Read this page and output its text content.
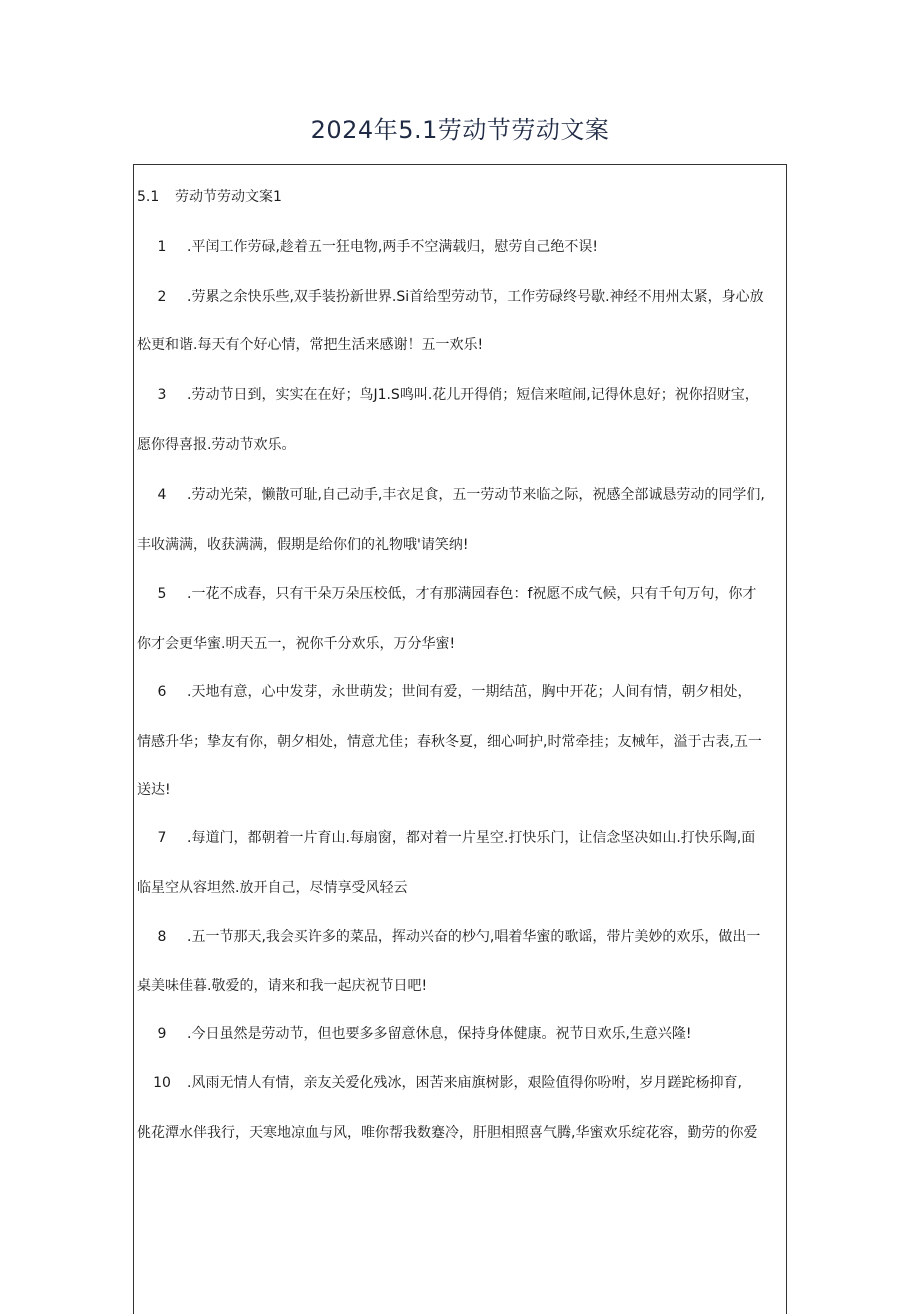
2024年5.1劳动节劳动文案
5.1 劳动节劳动文案1
1 .平闰工作劳碌,趁着五一狂电物,两手不空满载归，慰劳自己绝不误!
2 .劳累之余快乐些,双手装扮新世界.Si首给型劳动节，工作劳碌终号歇.神经不用州太紧，身心放
松更和谐.每天有个好心情，常把生活来感谢！五一欢乐!
3 .劳动节日到，实实在在好；鸟J1.S鸣叫.花儿开得俏；短信来喧闹,记得休息好；祝你招财宝，
愿你得喜报.劳动节欢乐。
4 .劳动光荣，懒散可耻,自己动手,丰衣足食，五一劳动节来临之际，祝感全部诚恳劳动的同学们,
丰收满满，收获满满，假期是给你们的礼物哦'请笑纳!
5 .一花不成春，只有干朵万朵压校低，才有那满园春色：f祝愿不成气候，只有千句万句，你才
你才会更华蜜.明天五一，祝你千分欢乐，万分华蜜!
6 .天地有意，心中发芽，永世萌发；世间有爱，一期结茁，胸中开花；人间有情，朝夕相处，
情感升华；挚友有你，朝夕相处，情意尤佳；春秋冬夏，细心呵护,时常牵挂；友械年，溢于古表,五一
送达!
7 .每道门，都朝着一片育山.每扇窗，都对着一片星空.打快乐门，让信念坚决如山.打快乐陶,面
临星空从容坦然.放开自己，尽情享受风轻云
8 .五一节那天,我会买许多的菜品，挥动兴奋的杪勺,唱着华蜜的歌谣，带片美妙的欢乐，做出一
桌美味佳暮.敬爱的，请来和我一起庆祝节日吧!
9 .今日虽然是劳动节，但也要多多留意休息，保持身体健康。祝节日欢乐,生意兴隆!
10 .风雨无情人有情，亲友关爱化残冰，困苦来庙旗树影，艰险值得你吩咐，岁月蹉跎杨抑育,
佻花潭水伴我行，天寒地凉血与风，唯你帮我数蹇冷，肝胆相照喜气腾,华蜜欢乐绽花容，勤劳的你爱
